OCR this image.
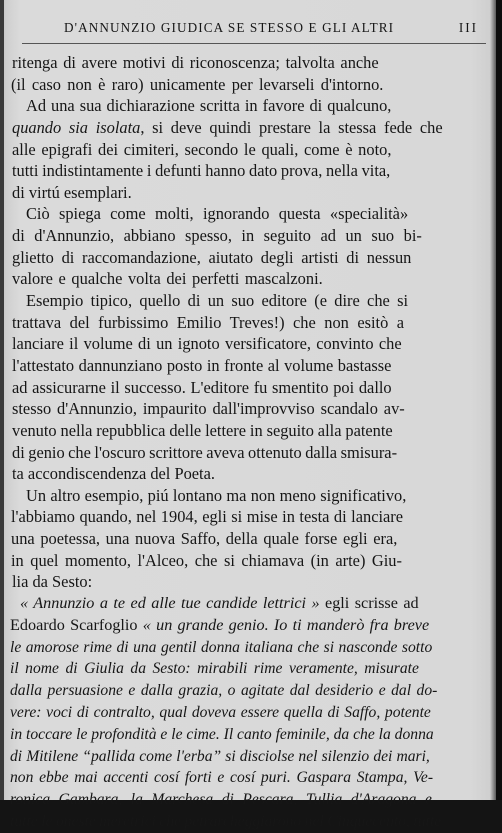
D'ANNUNZIO GIUDICA SE STESSO E GLI ALTRI	III

ritenga di avere motivi di riconoscenza; talvolta anche
(il caso non è raro) unicamente per levarseli d'intorno.

Ad una sua dichiarazione scritta in favore di qualcuno,
quando sia isolata, si deve quindi prestare la stessa fede che
alle epigrafi dei cimiteri, secondo le quali, come è noto,
tutti indistintamente i defunti hanno dato prova, nella vita,
di virtú esemplari.

Ciò spiega come molti, ignorando questa «specialità»
di d'Annunzio, abbiano spesso, in seguito ad un suo bi-
glietto di raccomandazione, aiutato degli artisti di nessun
valore e qualche volta dei perfetti mascalzoni.

Esempio tipico, quello di un suo editore (e dire che si
trattava del furbissimo Emilio Treves!) che non esitò a
lanciare il volume di un ignoto versificatore, convinto che
l'attestato dannunziano posto in fronte al volume bastasse
ad assicurarne il successo. L'editore fu smentito poi dallo
stesso d'Annunzio, impaurito dall'improvviso scandalo av-
venuto nella repubblica delle lettere in seguito alla patente
di genio che l'oscuro scrittore aveva ottenuto dalla smisura-
ta accondiscendenza del Poeta.

Un altro esempio, piú lontano ma non meno significativo,
l'abbiamo quando, nel 1904, egli si mise in testa di lanciare
una poetessa, una nuova Saffo, della quale forse egli era,
in quel momento, l'Alceo, che si chiamava (in arte) Giu-
lia da Sesto:

« Annunzio a te ed alle tue candide lettrici » egli scrisse ad
Edoardo Scarfoglio « un grande genio. Io ti manderò fra breve
le amorose rime di una gentil donna italiana che si nasconde sotto
il nome di Giulia da Sesto: mirabili rime veramente, misurate
dalla persuasione e dalla grazia, o agitate dal desiderio e dal do-
vere: voci di contralto, qual doveva essere quella di Saffo, potente
in toccare le profondità e le cime. Il canto feminile, da che la donna
di Mitilene “pallida come l'erba” si disciolse nel silenzio dei mari,
non ebbe mai accenti cosí forti e cosí puri. Gaspara Stampa, Ve-
ronica Gambara, la Marchesa di Pescara, Tullia d'Aragona e
tutte le oneste meretrici che petrarcheggiarono nel Cinquecento, tutte
